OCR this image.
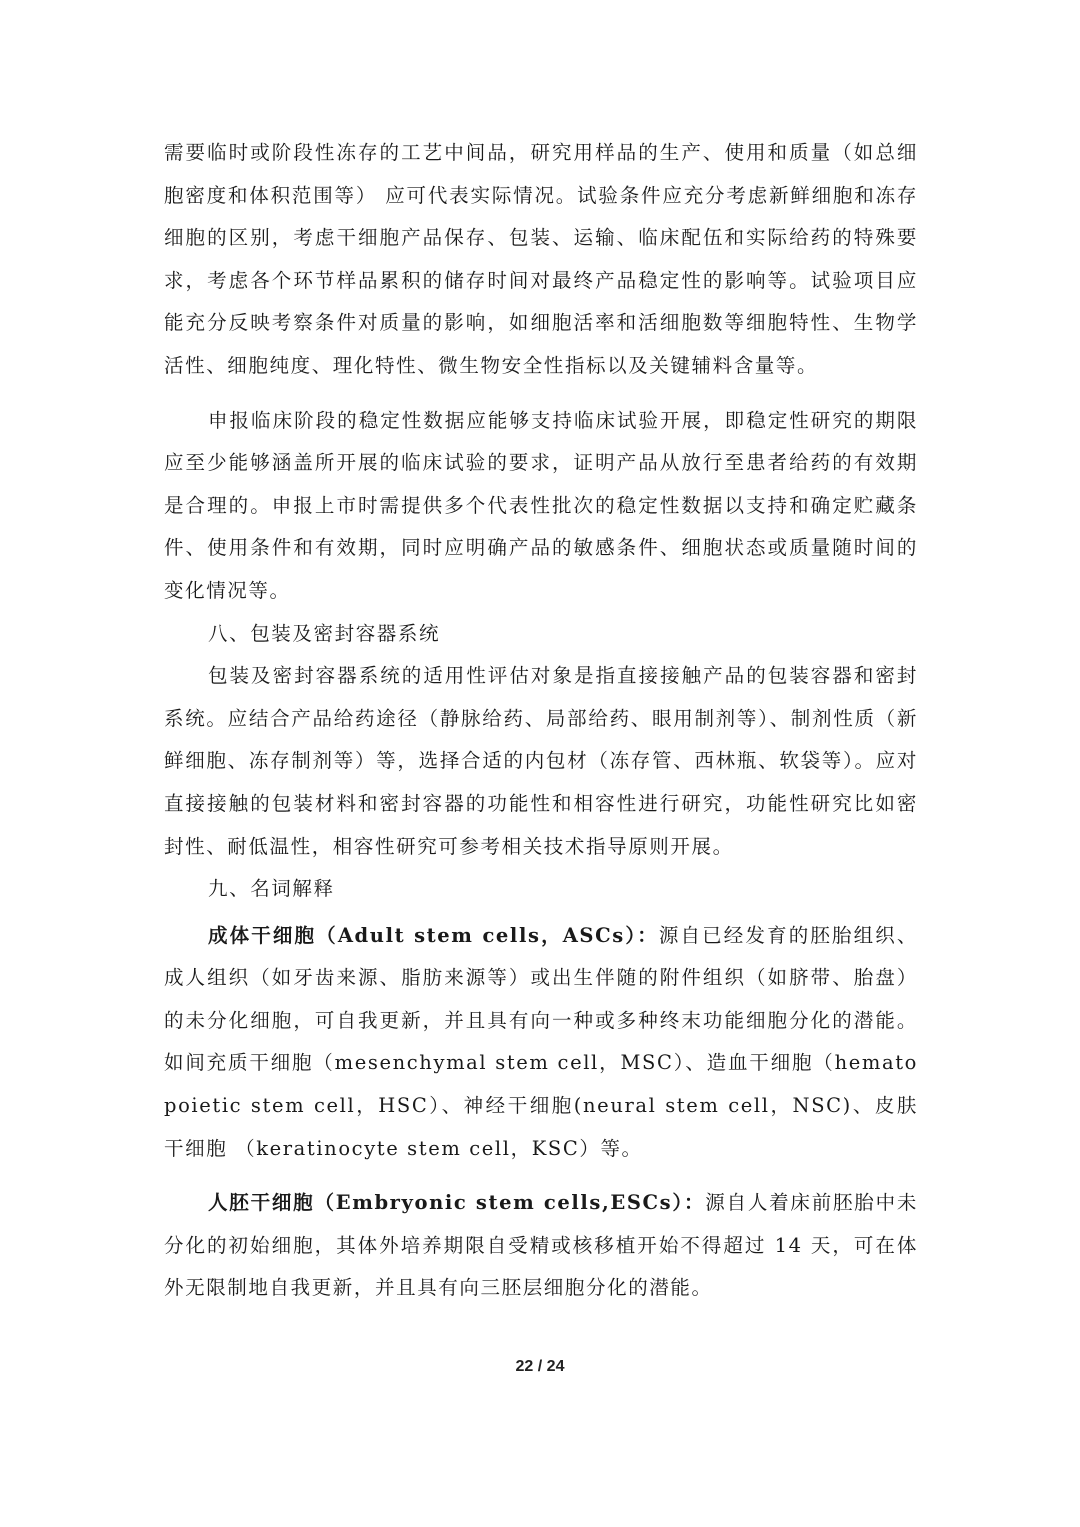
需要临时或阶段性冻存的工艺中间品，研究用样品的生产、使用和质量（如总细胞密度和体积范围等） 应可代表实际情况。试验条件应充分考虑新鲜细胞和冻存细胞的区别，考虑干细胞产品保存、包装、运输、临床配伍和实际给药的特殊要求，考虑各个环节样品累积的储存时间对最终产品稳定性的影响等。试验项目应能充分反映考察条件对质量的影响，如细胞活率和活细胞数等细胞特性、生物学活性、细胞纯度、理化特性、微生物安全性指标以及关键辅料含量等。

申报临床阶段的稳定性数据应能够支持临床试验开展，即稳定性研究的期限应至少能够涵盖所开展的临床试验的要求，证明产品从放行至患者给药的有效期是合理的。申报上市时需提供多个代表性批次的稳定性数据以支持和确定贮藏条件、使用条件和有效期，同时应明确产品的敏感条件、细胞状态或质量随时间的变化情况等。

八、包装及密封容器系统

包装及密封容器系统的适用性评估对象是指直接接触产品的包装容器和密封系统。应结合产品给药途径（静脉给药、局部给药、眼用制剂等）、制剂性质（新鲜细胞、冻存制剂等）等，选择合适的内包材（冻存管、西林瓶、软袋等）。应对直接接触的包装材料和密封容器的功能性和相容性进行研究，功能性研究比如密封性、耐低温性，相容性研究可参考相关技术指导原则开展。

九、名词解释

成体干细胞（Adult stem cells，ASCs）：源自已经发育的胚胎组织、成人组织（如牙齿来源、脂肪来源等）或出生伴随的附件组织（如脐带、胎盘）的未分化细胞，可自我更新，并且具有向一种或多种终末功能细胞分化的潜能。如间充质干细胞（mesenchymal stem cell，MSC）、造血干细胞（hematopoietic stem cell，HSC）、神经干细胞(neural stem cell，NSC)、皮肤干细胞 （keratinocyte stem cell，KSC）等。

人胚干细胞（Embryonic stem cells,ESCs）：源自人着床前胚胎中未分化的初始细胞，其体外培养期限自受精或核移植开始不得超过 14 天，可在体外无限制地自我更新，并且具有向三胚层细胞分化的潜能。

22 / 24
